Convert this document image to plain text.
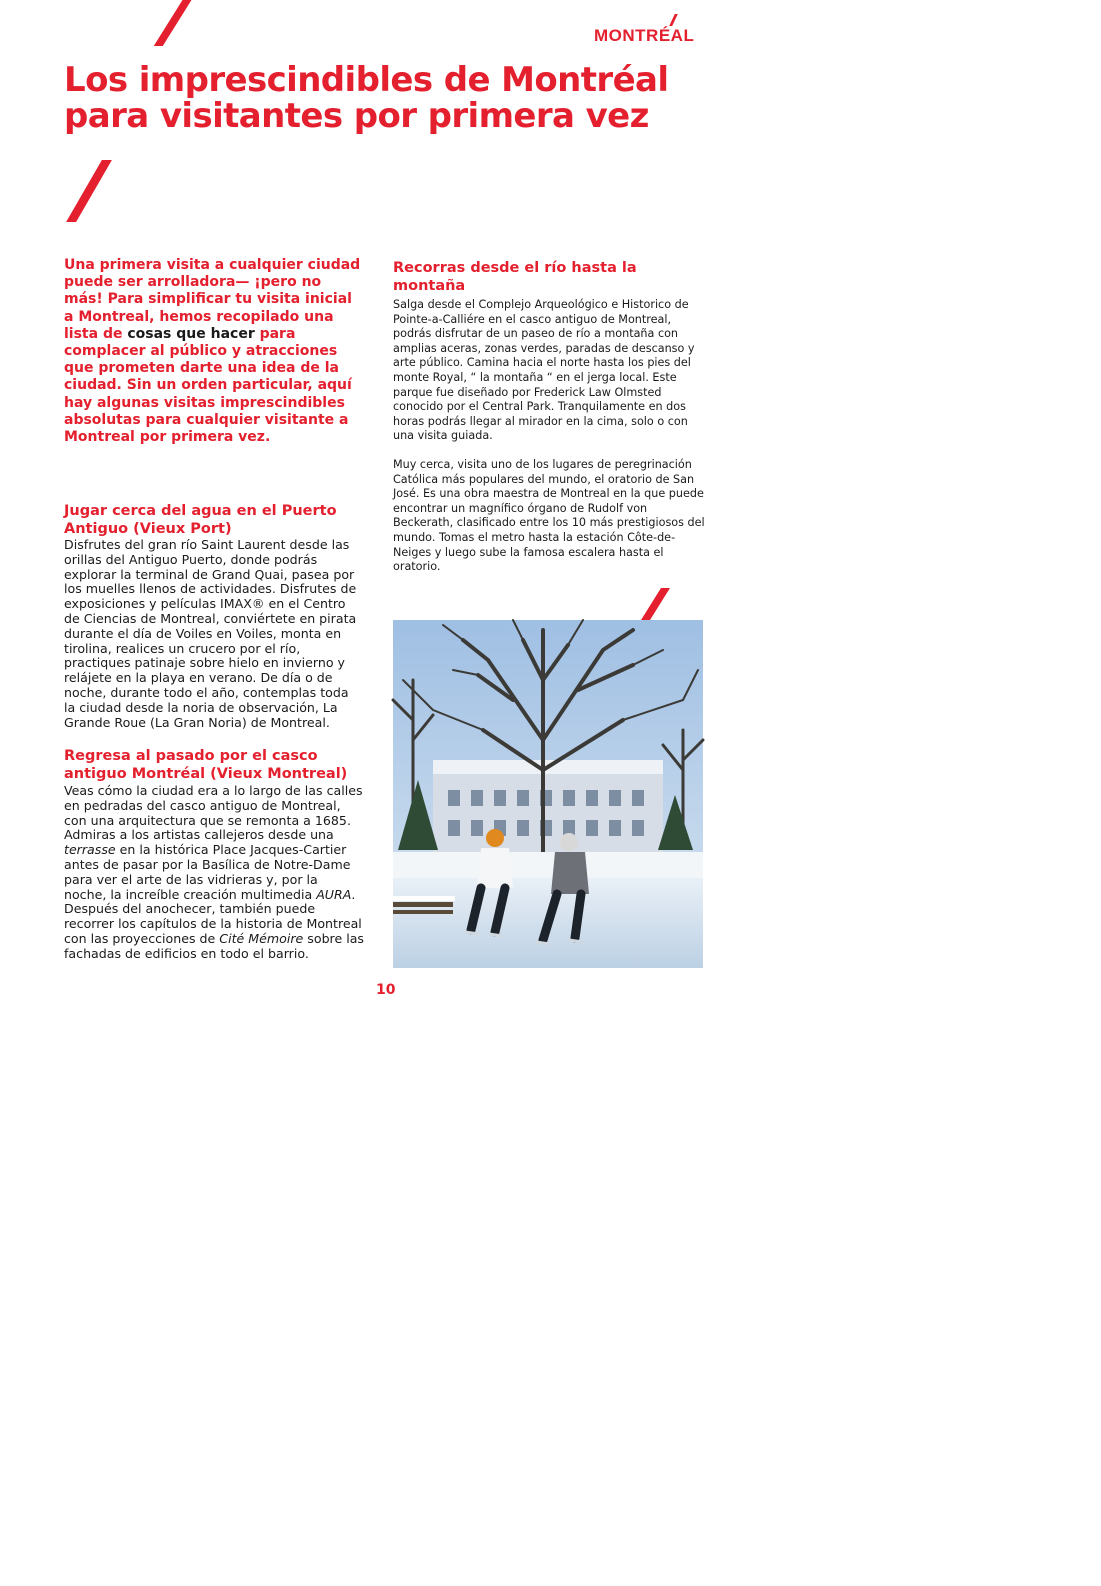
MONTRÉAL
Los imprescindibles de Montréal para visitantes por primera vez

Una primera visita a cualquier ciudad puede ser arrolladora— ¡pero no más! Para simplificar tu visita inicial a Montreal, hemos recopilado una lista de cosas que hacer para complacer al público y atracciones que prometen darte una idea de la ciudad. Sin un orden particular, aquí hay algunas visitas imprescindibles absolutas para cualquier visitante a Montreal por primera vez.

Jugar cerca del agua en el Puerto Antiguo (Vieux Port)

Disfrutes del gran río Saint Laurent desde las orillas del Antiguo Puerto, donde podrás explorar la terminal de Grand Quai, pasea por los muelles llenos de actividades. Disfrutes de exposiciones y películas IMAX® en el Centro de Ciencias de Montreal, conviértete en pirata durante el día de Voiles en Voiles, monta en tirolina, realices un crucero por el río, practiques patinaje sobre hielo en invierno y relájete en la playa en verano. De día o de noche, durante todo el año, contemplas toda la ciudad desde la noria de observación, La Grande Roue (La Gran Noria) de Montreal.

Regresa al pasado por el casco antiguo Montréal (Vieux Montreal)

Veas cómo la ciudad era a lo largo de las calles en pedradas del casco antiguo de Montreal, con una arquitectura que se remonta a 1685. Admiras a los artistas callejeros desde una terrasse en la histórica Place Jacques-Cartier antes de pasar por la Basílica de Notre-Dame para ver el arte de las vidrieras y, por la noche, la increíble creación multimedia AURA. Después del anochecer, también puede recorrer los capítulos de la historia de Montreal con las proyecciones de Cité Mémoire sobre las fachadas de edificios en todo el barrio.

Recorras desde el río hasta la montaña

Salga desde el Complejo Arqueológico e Historico de Pointe-a-Calliére en el casco antiguo de Montreal, podrás disfrutar de un paseo de río a montaña con amplias aceras, zonas verdes, paradas de descanso y arte público. Camina hacia el norte hasta los pies del monte Royal, “ la montaña “ en el jerga local. Este parque fue diseñado por Frederick Law Olmsted conocido por el Central Park. Tranquilamente en dos horas podrás llegar al mirador en la cima, solo o con una visita guiada.

Muy cerca, visita uno de los lugares de peregrinación Católica más populares del mundo, el oratorio de San José. Es una obra maestra de Montreal en la que puede encontrar un magnífico órgano de Rudolf von Beckerath, clasificado entre los 10 más prestigiosos del mundo. Tomas el metro hasta la estación Côte-de-Neiges y luego sube la famosa escalera hasta el oratorio.

© TOURISME MONTRÉAL

10
